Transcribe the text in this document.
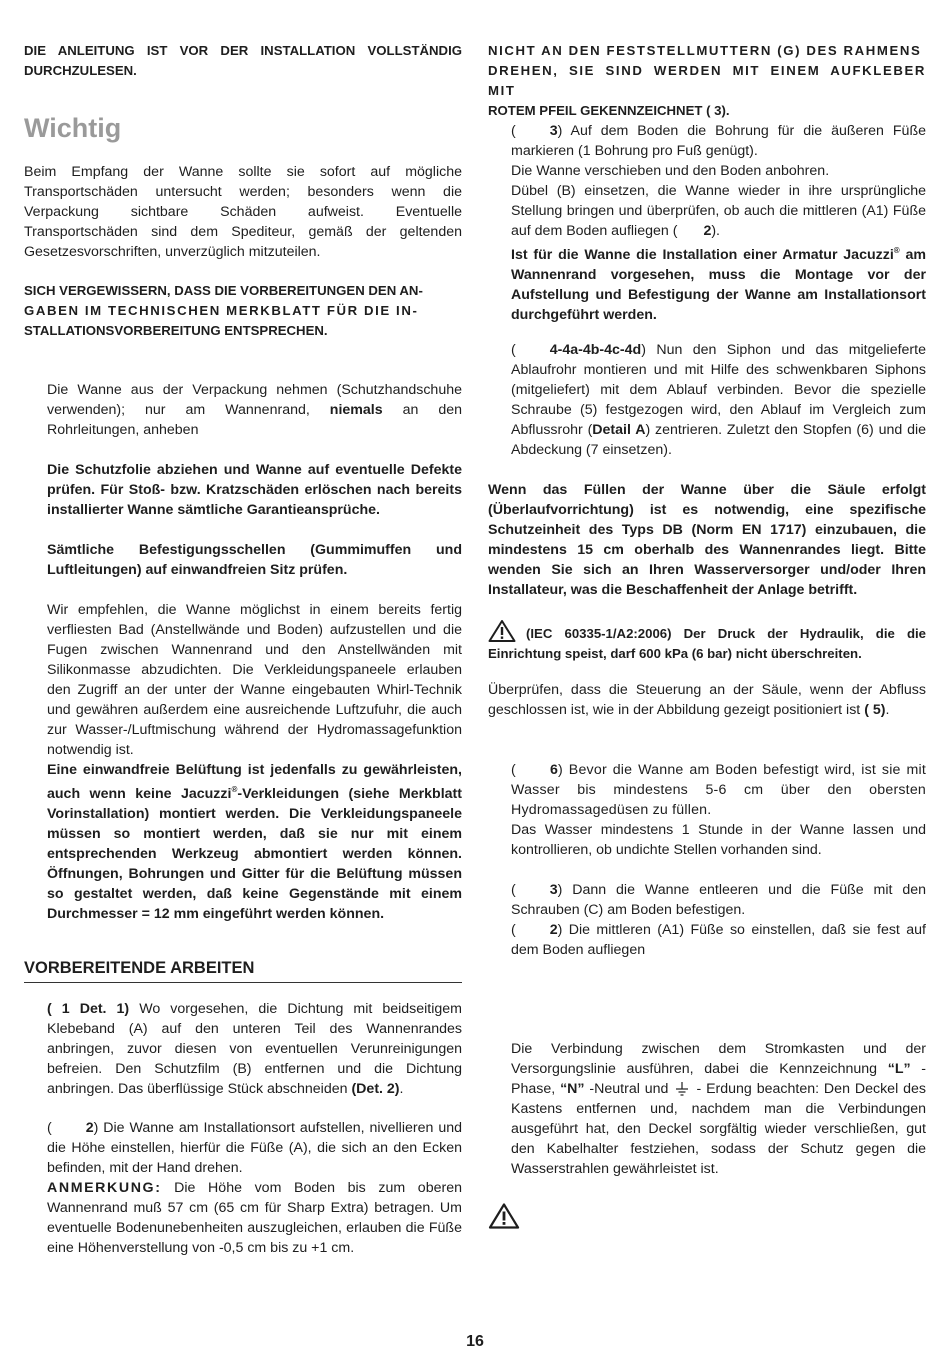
DIE ANLEITUNG IST VOR DER INSTALLATION VOLLSTÄNDIG DURCHZULESEN.

Wichtig

Beim Empfang der Wanne sollte sie sofort auf mögliche Transportschäden untersucht werden; besonders wenn die Verpackung sichtbare Schäden aufweist. Eventuelle Transportschäden sind dem Spediteur, gemäß der geltenden Gesetzesvorschriften, unverzüglich mitzuteilen.

SICH VERGEWISSERN, DASS DIE VORBEREITUNGEN DEN AN-
GABEN IM TECHNISCHEN MERKBLATT FÜR DIE IN-
STALLATIONSVORBEREITUNG ENTSPRECHEN.

Die Wanne aus der Verpackung nehmen (Schutzhandschuhe verwenden); nur am Wannenrand, niemals an den Rohrleitungen, anheben

Die Schutzfolie abziehen und Wanne auf eventuelle Defekte prüfen. Für Stoß- bzw. Kratzschäden erlöschen nach bereits installierter Wanne sämtliche Garantieansprüche.

Sämtliche Befestigungsschellen (Gummimuffen und Luftleitungen) auf einwandfreien Sitz prüfen.

Wir empfehlen, die Wanne möglichst in einem bereits fertig verfliesten Bad (Anstellwände und Boden) aufzustellen und die Fugen zwischen Wannenrand und den Anstellwänden mit Silikonmasse abzudichten. Die Verkleidungspaneele erlauben den Zugriff an der unter der Wanne eingebauten Whirl-Technik und gewähren außerdem eine ausreichende Luftzufuhr, die auch zur Wasser-/Luftmischung während der Hydromassagefunktion notwendig ist.

Eine einwandfreie Belüftung ist jedenfalls zu gewährleisten, auch wenn keine Jacuzzi®-Verkleidungen (siehe Merkblatt Vorinstallation) montiert werden. Die Verkleidungspaneele müssen so montiert werden, daß sie nur mit einem entsprechenden Werkzeug abmontiert werden können. Öffnungen, Bohrungen und Gitter für die Belüftung müssen so gestaltet werden, daß keine Gegenstände mit einem Durchmesser = 12 mm eingeführt werden können.

VORBEREITENDE ARBEITEN

( 1 Det. 1) Wo vorgesehen, die Dichtung mit beidseitigem Klebeband (A) auf den unteren Teil des Wannenrandes anbringen, zuvor diesen von eventuellen Verunreinigungen befreien. Den Schutzfilm (B) entfernen und die Dichtung anbringen. Das überflüssige Stück abschneiden (Det. 2).

( 2) Die Wanne am Installationsort aufstellen, nivellieren und die Höhe einstellen, hierfür die Füße (A), die sich an den Ecken befinden, mit der Hand drehen.

ANMERKUNG: Die Höhe vom Boden bis zum oberen Wannenrand muß 57 cm (65 cm für Sharp Extra) betragen. Um eventuelle Bodenunebenheiten auszugleichen, erlauben die Füße eine Höhenverstellung von -0,5 cm bis zu +1 cm.

NICHT AN DEN FESTSTELLMUTTERN (G) DES RAHMENS
DREHEN, SIE SIND WERDEN MIT EINEM AUFKLEBER MIT
ROTEM PFEIL GEKENNZEICHNET ( 3).

( 3) Auf dem Boden die Bohrung für die äußeren Füße markieren (1 Bohrung pro Fuß genügt).

Die Wanne verschieben und den Boden anbohren.

Dübel (B) einsetzen, die Wanne wieder in ihre ursprüngliche Stellung bringen und überprüfen, ob auch die mittleren (A1) Füße auf dem Boden aufliegen ( 2).

Ist für die Wanne die Installation einer Armatur Jacuzzi® am Wannenrand vorgesehen, muss die Montage vor der Aufstellung und Befestigung der Wanne am Installationsort durchgeführt werden.

( 4-4a-4b-4c-4d) Nun den Siphon und das mitgelieferte Ablaufrohr montieren und mit Hilfe des schwenkbaren Siphons (mitgeliefert) mit dem Ablauf verbinden. Bevor die spezielle Schraube (5) festgezogen wird, den Ablauf im Vergleich zum Abflussrohr (Detail A) zentrieren. Zuletzt den Stopfen (6) und die Abdeckung (7 einsetzen).

Wenn das Füllen der Wanne über die Säule erfolgt (Überlaufvorrichtung) ist es notwendig, eine spezifische Schutzeinheit des Typs DB (Norm EN 1717) einzubauen, die mindestens 15 cm oberhalb des Wannenrandes liegt. Bitte wenden Sie sich an Ihren Wasserversorger und/oder Ihren Installateur, was die Beschaffenheit der Anlage betrifft.

(IEC 60335-1/A2:2006) Der Druck der Hydraulik, die die Einrichtung speist, darf 600 kPa (6 bar) nicht überschreiten.

Überprüfen, dass die Steuerung an der Säule, wenn der Abfluss geschlossen ist, wie in der Abbildung gezeigt positioniert ist ( 5).

( 6) Bevor die Wanne am Boden befestigt wird, ist sie mit Wasser bis mindestens 5-6 cm über den obersten Hydromassagedüsen zu füllen.

Das Wasser mindestens 1 Stunde in der Wanne lassen und kontrollieren, ob undichte Stellen vorhanden sind.

( 3) Dann die Wanne entleeren und die Füße mit den Schrauben (C) am Boden befestigen.

( 2) Die mittleren (A1) Füße so einstellen, daß sie fest auf dem Boden aufliegen

Die Verbindung zwischen dem Stromkasten und der Versorgungslinie ausführen, dabei die Kennzeichnung “L” -Phase, “N” -Neutral und - Erdung beachten: Den Deckel des Kastens entfernen und, nachdem man die Verbindungen ausgeführt hat, den Deckel sorgfältig wieder verschließen, gut den Kabelhalter festziehen, sodass der Schutz gegen die Wasserstrahlen gewährleistet ist.

16
